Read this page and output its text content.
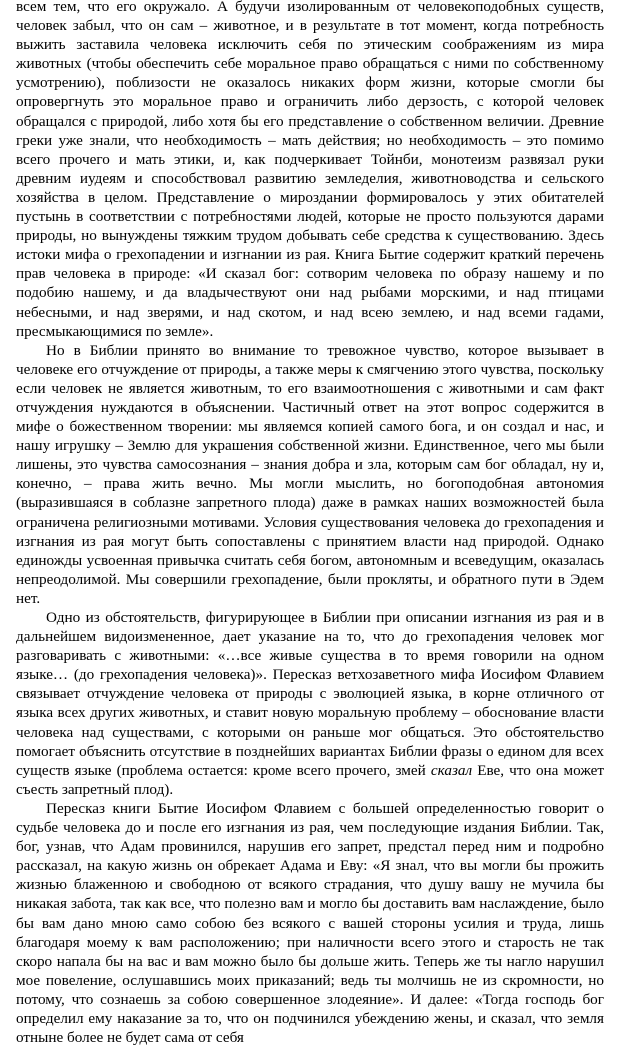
всем тем, что его окружало. А будучи изолированным от человекоподобных существ, человек забыл, что он сам – животное, и в результате в тот момент, когда потребность выжить заставила человека исключить себя по этическим соображениям из мира животных (чтобы обеспечить себе моральное право обращаться с ними по собственному усмотрению), поблизости не оказалось никаких форм жизни, которые смогли бы опровергнуть это моральное право и ограничить либо дерзость, с которой человек обращался с природой, либо хотя бы его представление о собственном величии. Древние греки уже знали, что необходимость – мать действия; но необходимость – это помимо всего прочего и мать этики, и, как подчеркивает Тойнби, монотеизм развязал руки древним иудеям и способствовал развитию земледелия, животноводства и сельского хозяйства в целом. Представление о мироздании формировалось у этих обитателей пустынь в соответствии с потребностями людей, которые не просто пользуются дарами природы, но вынуждены тяжким трудом добывать себе средства к существованию. Здесь истоки мифа о грехопадении и изгнании из рая. Книга Бытие содержит краткий перечень прав человека в природе: «И сказал бог: сотворим человека по образу нашему и по подобию нашему, и да владычествуют они над рыбами морскими, и над птицами небесными, и над зверями, и над скотом, и над всею землею, и над всеми гадами, пресмыкающимися по земле».

Но в Библии принято во внимание то тревожное чувство, которое вызывает в человеке его отчуждение от природы, а также меры к смягчению этого чувства, поскольку если человек не является животным, то его взаимоотношения с животными и сам факт отчуждения нуждаются в объяснении. Частичный ответ на этот вопрос содержится в мифе о божественном творении: мы являемся копией самого бога, и он создал и нас, и нашу игрушку – Землю для украшения собственной жизни. Единственное, чего мы были лишены, это чувства самосознания – знания добра и зла, которым сам бог обладал, ну и, конечно, – права жить вечно. Мы могли мыслить, но богоподобная автономия (выразившаяся в соблазне запретного плода) даже в рамках наших возможностей была ограничена религиозными мотивами. Условия существования человека до грехопадения и изгнания из рая могут быть сопоставлены с принятием власти над природой. Однако единожды усвоенная привычка считать себя богом, автономным и всеведущим, оказалась непреодолимой. Мы совершили грехопадение, были прокляты, и обратного пути в Эдем нет.

Одно из обстоятельств, фигурирующее в Библии при описании изгнания из рая и в дальнейшем видоизмененное, дает указание на то, что до грехопадения человек мог разговаривать с животными: «…все живые существа в то время говорили на одном языке… (до грехопадения человека)». Пересказ ветхозаветного мифа Иосифом Флавием связывает отчуждение человека от природы с эволюцией языка, в корне отличного от языка всех других животных, и ставит новую моральную проблему – обоснование власти человека над существами, с которыми он раньше мог общаться. Это обстоятельство помогает объяснить отсутствие в позднейших вариантах Библии фразы о едином для всех существ языке (проблема остается: кроме всего прочего, змей сказал Еве, что она может съесть запретный плод).

Пересказ книги Бытие Иосифом Флавием с большей определенностью говорит о судьбе человека до и после его изгнания из рая, чем последующие издания Библии. Так, бог, узнав, что Адам провинился, нарушив его запрет, предстал перед ним и подробно рассказал, на какую жизнь он обрекает Адама и Еву: «Я знал, что вы могли бы прожить жизнью блаженною и свободною от всякого страдания, что душу вашу не мучила бы никакая забота, так как все, что полезно вам и могло бы доставить вам наслаждение, было бы вам дано мною само собою без всякого с вашей стороны усилия и труда, лишь благодаря моему к вам расположению; при наличности всего этого и старость не так скоро напала бы на вас и вам можно было бы дольше жить. Теперь же ты нагло нарушил мое повеление, ослушавшись моих приказаний; ведь ты молчишь не из скромности, но потому, что сознаешь за собою совершенное злодеяние». И далее: «Тогда господь бог определил ему наказание за то, что он подчинился убеждению жены, и сказал, что земля отныне более не будет сама от себя
